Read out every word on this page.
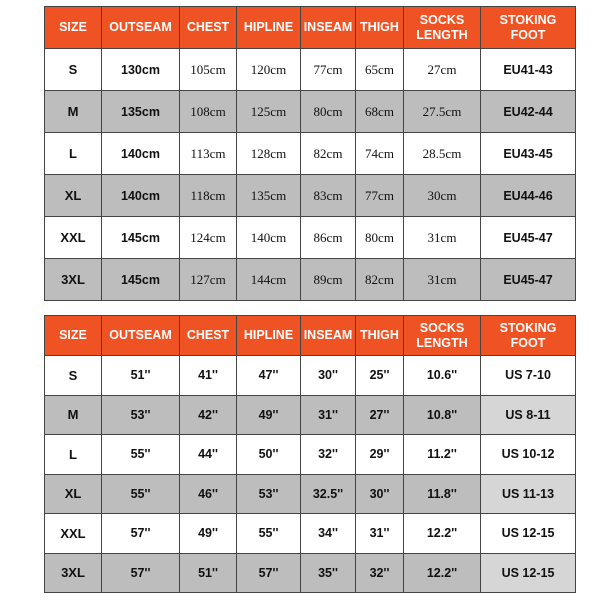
SIZE	OUTSEAM	CHEST	HIPLINE	INSEAM	THIGH	SOCKS LENGTH	STOKING FOOT
S	130cm	105cm	120cm	77cm	65cm	27cm	EU41-43
M	135cm	108cm	125cm	80cm	68cm	27.5cm	EU42-44
L	140cm	113cm	128cm	82cm	74cm	28.5cm	EU43-45
XL	140cm	118cm	135cm	83cm	77cm	30cm	EU44-46
XXL	145cm	124cm	140cm	86cm	80cm	31cm	EU45-47
3XL	145cm	127cm	144cm	89cm	82cm	31cm	EU45-47
SIZE	OUTSEAM	CHEST	HIPLINE	INSEAM	THIGH	SOCKS LENGTH	STOKING FOOT
S	51''	41''	47''	30''	25''	10.6''	US 7-10
M	53''	42''	49''	31''	27''	10.8''	US 8-11
L	55''	44''	50''	32''	29''	11.2''	US 10-12
XL	55''	46''	53''	32.5''	30''	11.8''	US 11-13
XXL	57''	49''	55''	34''	31''	12.2''	US 12-15
3XL	57''	51''	57''	35''	32''	12.2''	US 12-15
